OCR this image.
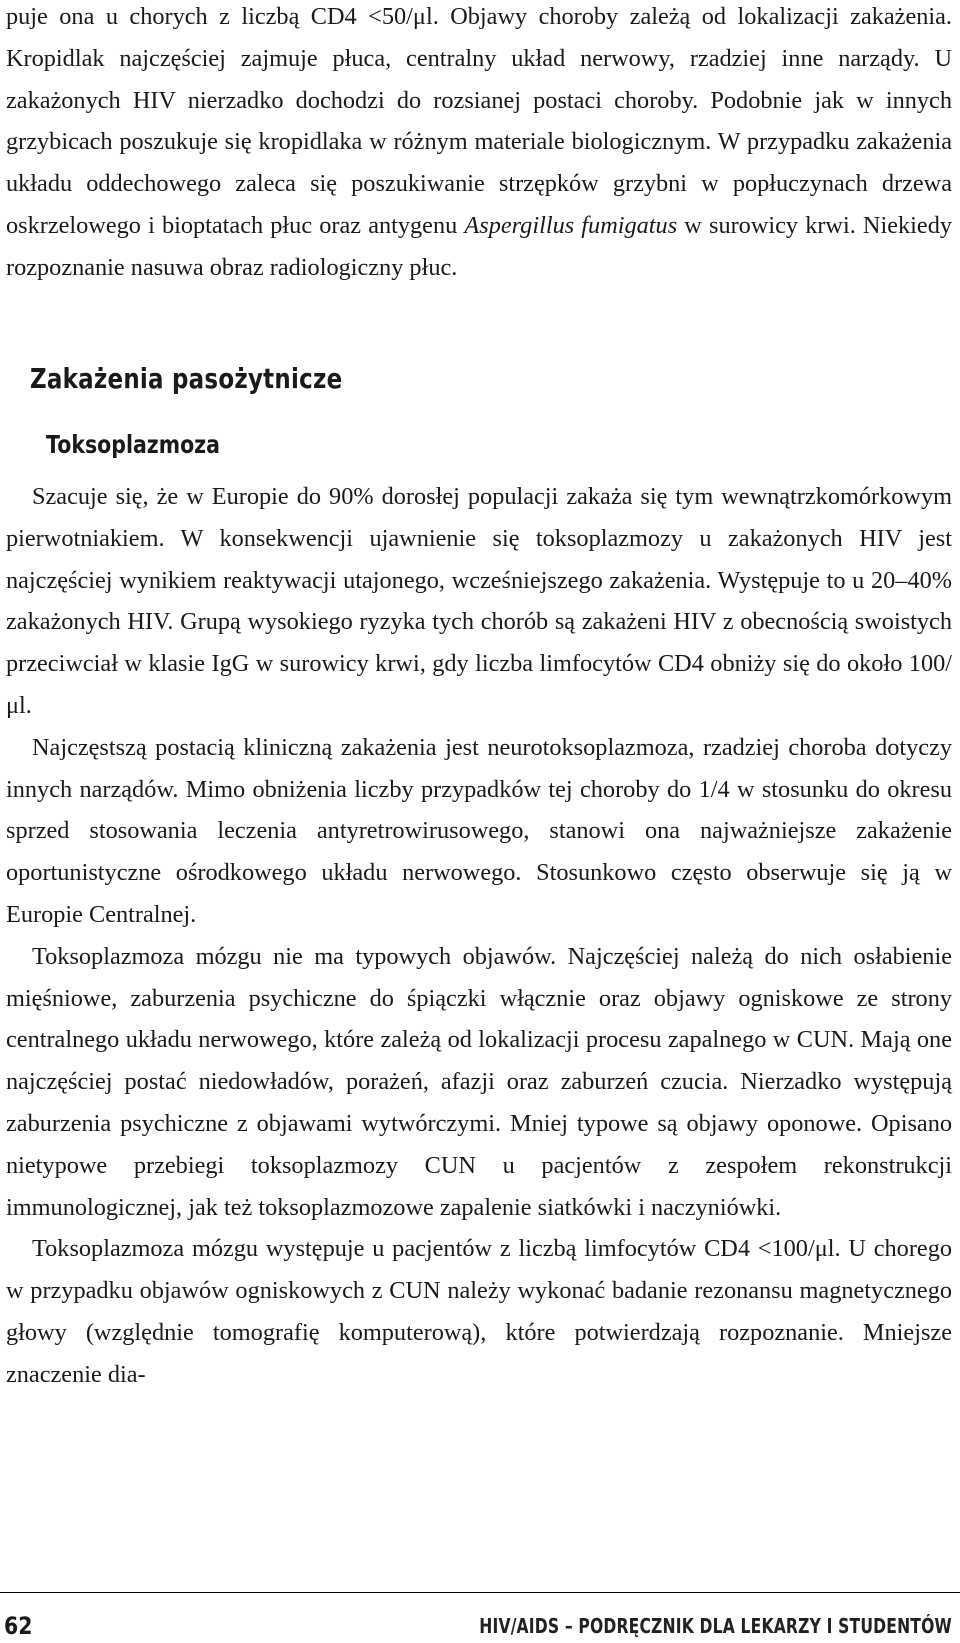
puje ona u chorych z liczbą CD4 <50/μl. Objawy choroby zależą od lokalizacji zakażenia. Kropidlak najczęściej zajmuje płuca, centralny układ nerwowy, rzadziej inne narządy. U zakażonych HIV nierzadko dochodzi do rozsianej postaci choroby. Podobnie jak w innych grzybicach poszukuje się kropidlaka w różnym materiale biologicznym. W przypadku zakażenia układu oddechowego zaleca się poszukiwanie strzępków grzybni w popłuczynach drzewa oskrzelowego i bioptatach płuc oraz antygenu Aspergillus fumigatus w surowicy krwi. Niekiedy rozpoznanie nasuwa obraz radiologiczny płuc.

Zakażenia pasożytnicze
Toksoplazmoza

Szacuje się, że w Europie do 90% dorosłej populacji zakaża się tym wewnątrzkomórkowym pierwotniakiem. W konsekwencji ujawnienie się toksoplazmozy u zakażonych HIV jest najczęściej wynikiem reaktywacji utajonego, wcześniejszego zakażenia. Występuje to u 20–40% zakażonych HIV. Grupą wysokiego ryzyka tych chorób są zakażeni HIV z obecnością swoistych przeciwciał w klasie IgG w surowicy krwi, gdy liczba limfocytów CD4 obniży się do około 100/μl.

Najczęstszą postacią kliniczną zakażenia jest neurotoksoplazmoza, rzadziej choroba dotyczy innych narządów. Mimo obniżenia liczby przypadków tej choroby do 1/4 w stosunku do okresu sprzed stosowania leczenia antyretrowirusowego, stanowi ona najważniejsze zakażenie oportunistyczne ośrodkowego układu nerwowego. Stosunkowo często obserwuje się ją w Europie Centralnej.

Toksoplazmoza mózgu nie ma typowych objawów. Najczęściej należą do nich osłabienie mięśniowe, zaburzenia psychiczne do śpiączki włącznie oraz objawy ogniskowe ze strony centralnego układu nerwowego, które zależą od lokalizacji procesu zapalnego w CUN. Mają one najczęściej postać niedowładów, porażeń, afazji oraz zaburzeń czucia. Nierzadko występują zaburzenia psychiczne z objawami wytwórczymi. Mniej typowe są objawy oponowe. Opisano nietypowe przebiegi toksoplazmozy CUN u pacjentów z zespołem rekonstrukcji immunologicznej, jak też toksoplazmozowe zapalenie siatkówki i naczyniówki.

Toksoplazmoza mózgu występuje u pacjentów z liczbą limfocytów CD4 <100/μl. U chorego w przypadku objawów ogniskowych z CUN należy wykonać badanie rezonansu magnetycznego głowy (względnie tomografię komputerową), które potwierdzają rozpoznanie. Mniejsze znaczenie dia-

62	HIV/AIDS – PODRĘCZNIK DLA LEKARZY I STUDENTÓW
